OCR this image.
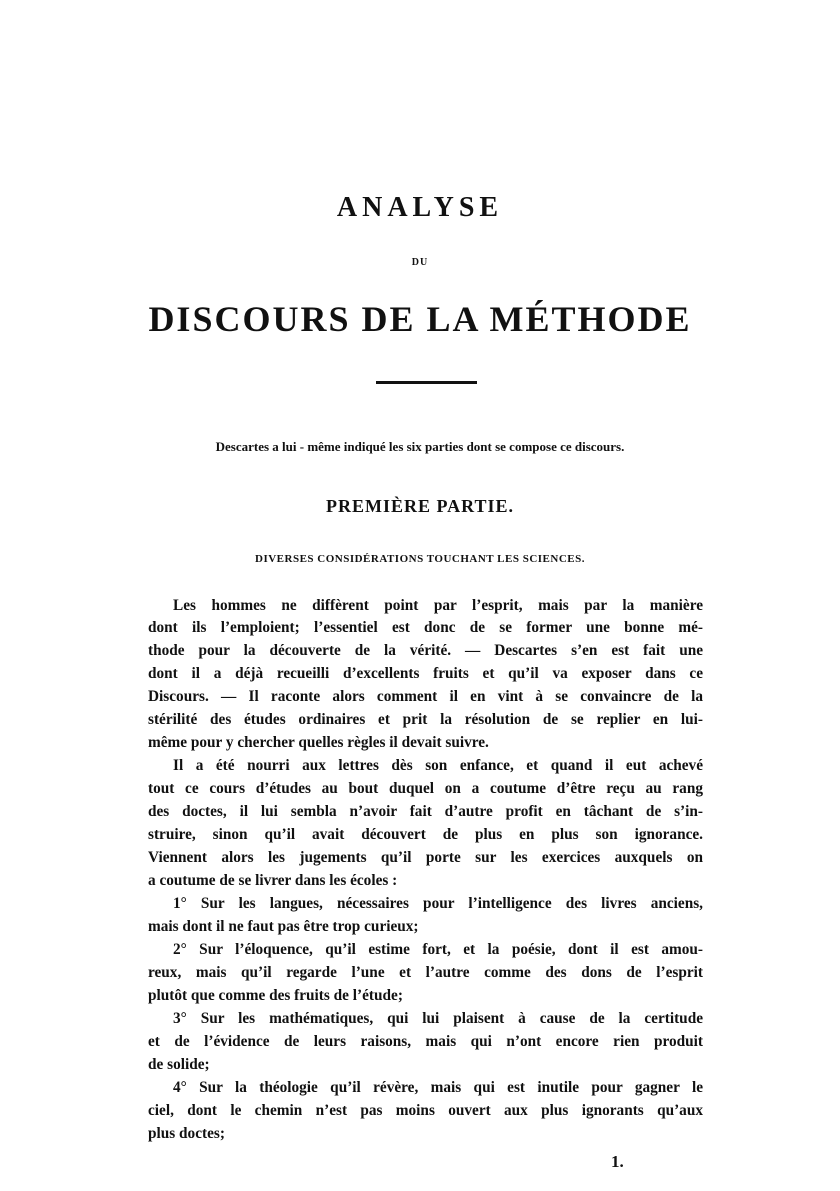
ANALYSE
DU
DISCOURS DE LA MÉTHODE
Descartes a lui - même indiqué les six parties dont se compose ce discours.
PREMIÈRE PARTIE.
DIVERSES CONSIDÉRATIONS TOUCHANT LES SCIENCES.
Les hommes ne diffèrent point par l’esprit, mais par la manière
dont ils l’emploient; l’essentiel est donc de se former une bonne mé-
thode pour la découverte de la vérité. — Descartes s’en est fait une
dont il a déjà recueilli d’excellents fruits et qu’il va exposer dans ce
Discours. — Il raconte alors comment il en vint à se convaincre de la
stérilité des études ordinaires et prit la résolution de se replier en lui-
même pour y chercher quelles règles il devait suivre.
Il a été nourri aux lettres dès son enfance, et quand il eut achevé
tout ce cours d’études au bout duquel on a coutume d’être reçu au rang
des doctes, il lui sembla n’avoir fait d’autre profit en tâchant de s’in-
struire, sinon qu’il avait découvert de plus en plus son ignorance.
Viennent alors les jugements qu’il porte sur les exercices auxquels on
a coutume de se livrer dans les écoles :
1° Sur les langues, nécessaires pour l’intelligence des livres anciens,
mais dont il ne faut pas être trop curieux;
2° Sur l’éloquence, qu’il estime fort, et la poésie, dont il est amou-
reux, mais qu’il regarde l’une et l’autre comme des dons de l’esprit
plutôt que comme des fruits de l’étude;
3° Sur les mathématiques, qui lui plaisent à cause de la certitude
et de l’évidence de leurs raisons, mais qui n’ont encore rien produit
de solide;
4° Sur la théologie qu’il révère, mais qui est inutile pour gagner le
ciel, dont le chemin n’est pas moins ouvert aux plus ignorants qu’aux
plus doctes;
1.
